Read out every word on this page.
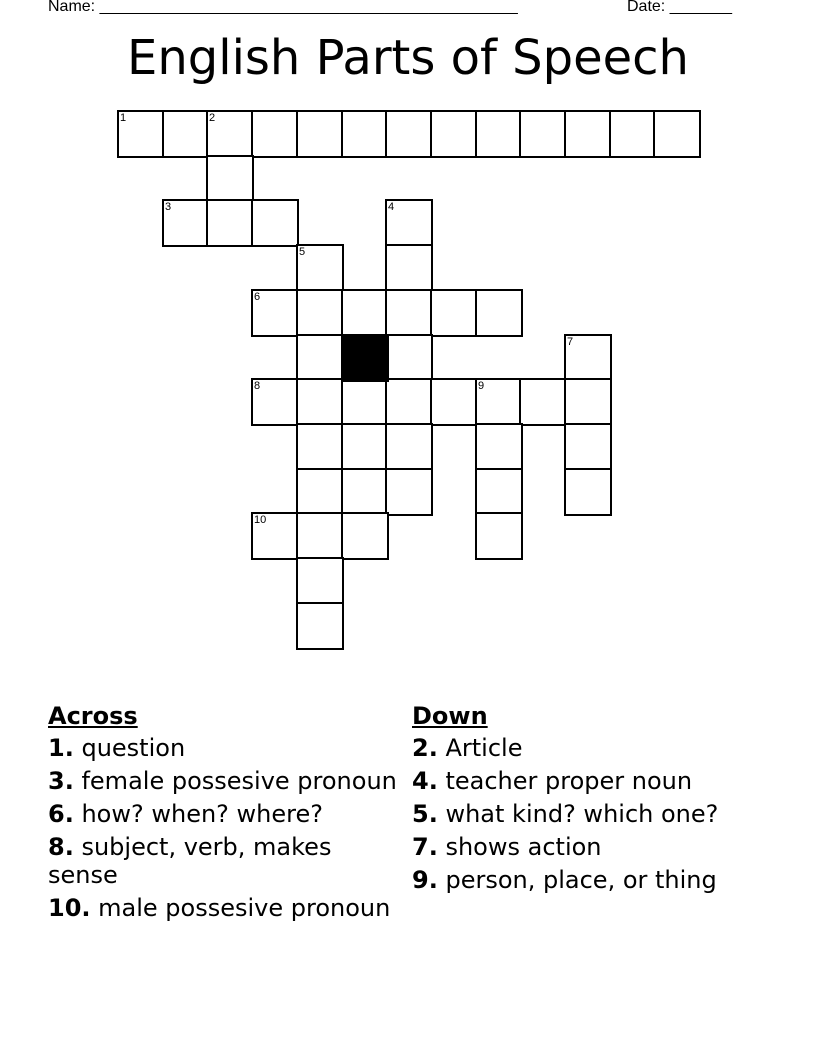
Name: _______________________________________________	Date: _______
English Parts of Speech
1	2
3	4
5
6
7
8	9
10
Across
1. question
3. female possesive pronoun
6. how? when? where?
8. subject, verb, makes sense
10. male possesive pronoun
Down
2. Article
4. teacher proper noun
5. what kind? which one?
7. shows action
9. person, place, or thing
